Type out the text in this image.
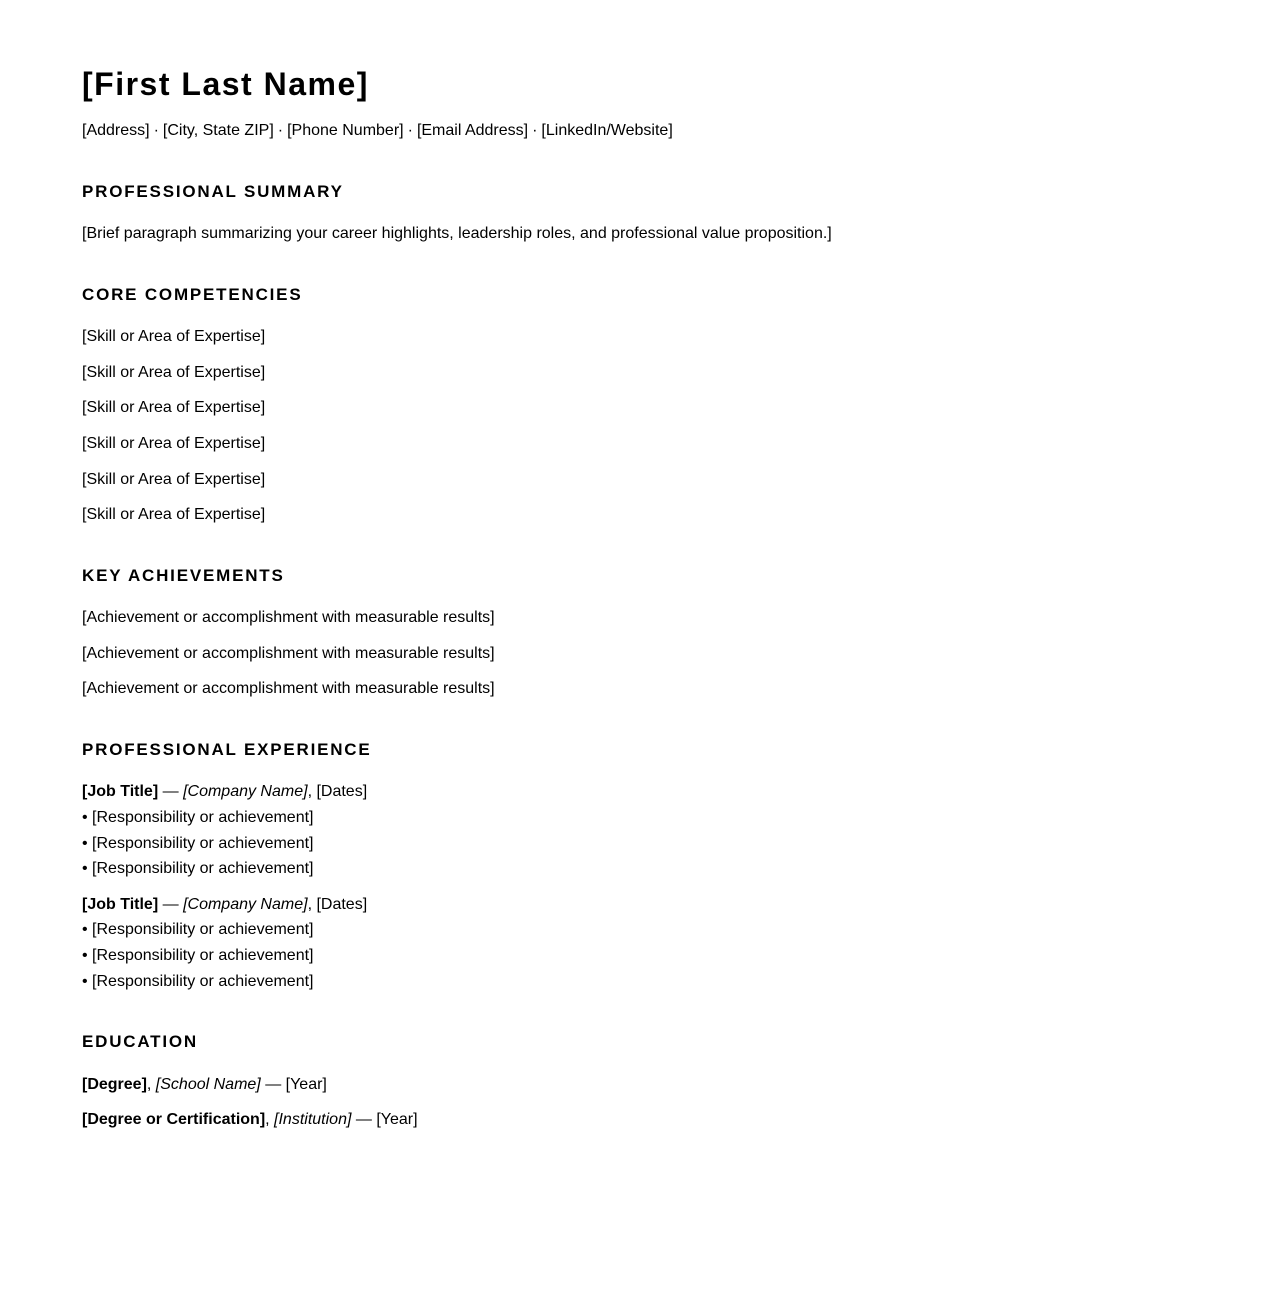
[First Last Name]
[Address] · [City, State ZIP] · [Phone Number] · [Email Address] · [LinkedIn/Website]
PROFESSIONAL SUMMARY
[Brief paragraph summarizing your career highlights, leadership roles, and professional value proposition.]
CORE COMPETENCIES
[Skill or Area of Expertise]
[Skill or Area of Expertise]
[Skill or Area of Expertise]
[Skill or Area of Expertise]
[Skill or Area of Expertise]
[Skill or Area of Expertise]
KEY ACHIEVEMENTS
[Achievement or accomplishment with measurable results]
[Achievement or accomplishment with measurable results]
[Achievement or accomplishment with measurable results]
PROFESSIONAL EXPERIENCE
[Job Title] — [Company Name], [Dates]
• [Responsibility or achievement]
• [Responsibility or achievement]
• [Responsibility or achievement]
[Job Title] — [Company Name], [Dates]
• [Responsibility or achievement]
• [Responsibility or achievement]
• [Responsibility or achievement]
EDUCATION
[Degree], [School Name] — [Year]
[Degree or Certification], [Institution] — [Year]
